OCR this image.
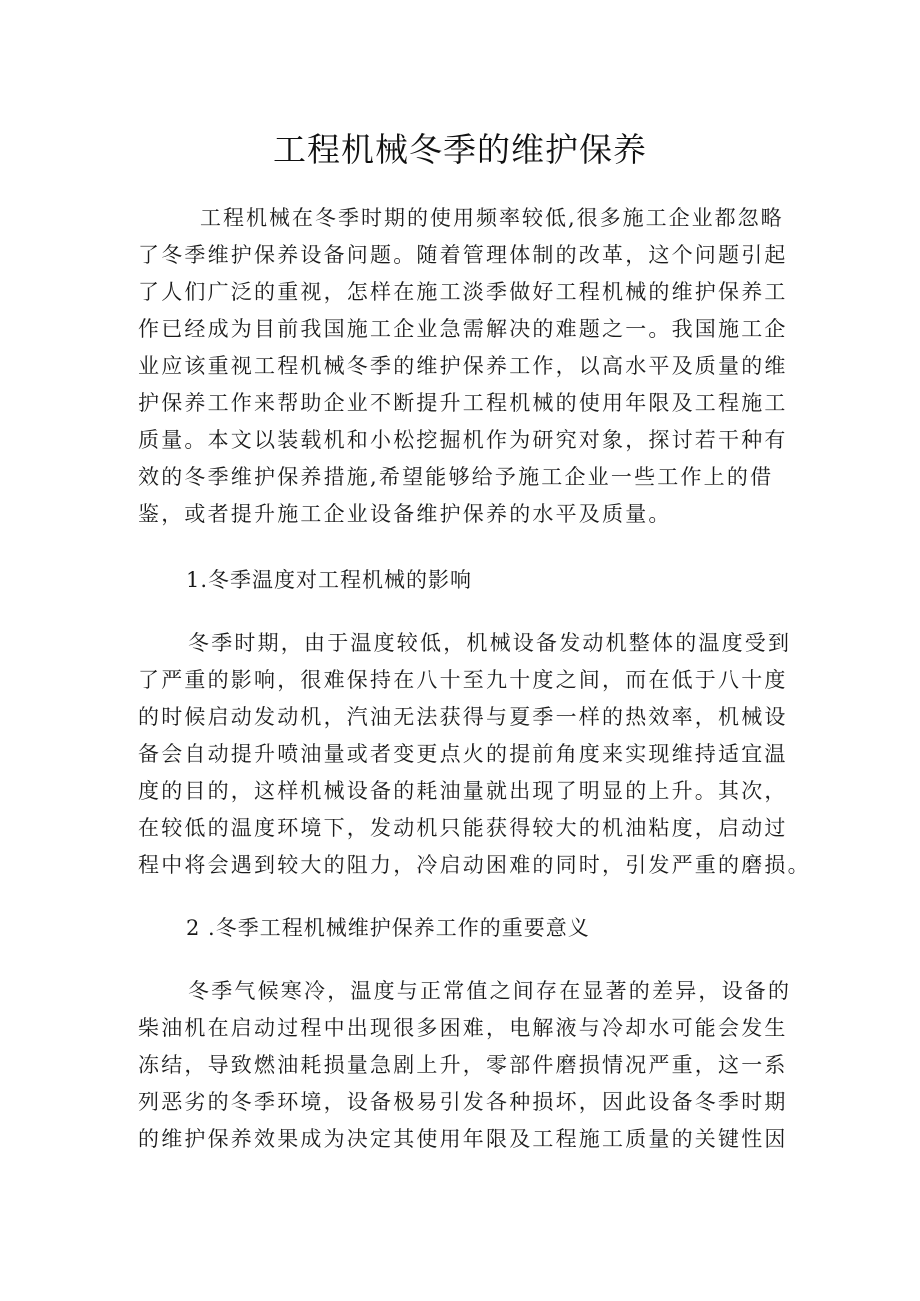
工程机械冬季的维护保养
工程机械在冬季时期的使用频率较低,很多施工企业都忽略
了冬季维护保养设备问题。随着管理体制的改革，这个问题引起
了人们广泛的重视，怎样在施工淡季做好工程机械的维护保养工
作已经成为目前我国施工企业急需解决的难题之一。我国施工企
业应该重视工程机械冬季的维护保养工作，以高水平及质量的维
护保养工作来帮助企业不断提升工程机械的使用年限及工程施工
质量。本文以装载机和小松挖掘机作为研究对象，探讨若干种有
效的冬季维护保养措施,希望能够给予施工企业一些工作上的借
鉴，或者提升施工企业设备维护保养的水平及质量。
1.冬季温度对工程机械的影响
冬季时期，由于温度较低，机械设备发动机整体的温度受到
了严重的影响，很难保持在八十至九十度之间，而在低于八十度
的时候启动发动机，汽油无法获得与夏季一样的热效率，机械设
备会自动提升喷油量或者变更点火的提前角度来实现维持适宜温
度的目的，这样机械设备的耗油量就出现了明显的上升。其次，
在较低的温度环境下，发动机只能获得较大的机油粘度，启动过
程中将会遇到较大的阻力，冷启动困难的同时，引发严重的磨损。
2 .冬季工程机械维护保养工作的重要意义
冬季气候寒冷，温度与正常值之间存在显著的差异，设备的
柴油机在启动过程中出现很多困难，电解液与冷却水可能会发生
冻结，导致燃油耗损量急剧上升，零部件磨损情况严重，这一系
列恶劣的冬季环境，设备极易引发各种损坏，因此设备冬季时期
的维护保养效果成为决定其使用年限及工程施工质量的关键性因
